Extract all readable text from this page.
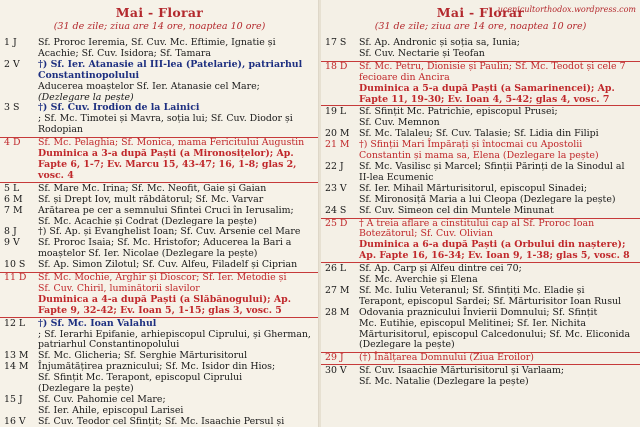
Mai - Florar
(31 de zile; ziua are 14 ore, noaptea 10 ore)
1 J	Sf. Proroc Ieremia, Sf. Cuv. Mc. Eftimie, Ignatie și
Acachie; Sf. Cuv. Isidora; Sf. Tamara
2 V	†) Sf. Ier. Atanasie al III-lea (Patelarie), patriarhul Constantinopolului
Aducerea moaștelor Sf. Ier. Atanasie cel Mare;
(Dezlegare la pește)
3 S	†) Sf. Cuv. Irodion de la Lainici
; Sf. Mc. Timotei și Mavra, soția lui; Sf. Cuv. Diodor și Rodopian
4 D	Sf. Mc. Pelaghia; Sf. Monica, mama Fericitului Augustin
Duminica a 3-a după Paști (a Mironosițelor); Ap. Fapte 6, 1-7; Ev. Marcu 15, 43-47; 16, 1-8; glas 2, vosc. 4
5 L	Sf. Mare Mc. Irina; Sf. Mc. Neofit, Gaie și Gaian
6 M	Sf. și Drept Iov, mult răbdătorul; Sf. Mc. Varvar
7 M	Arătarea pe cer a semnului Sfintei Cruci în Ierusalim;
Sf. Mc. Acachie și Codrat (Dezlegare la pește)
8 J	†) Sf. Ap. și Evanghelist Ioan; Sf. Cuv. Arsenie cel Mare
9 V	Sf. Proroc Isaia; Sf. Mc. Hristofor; Aducerea la Bari a
moaștelor Sf. Ier. Nicolae (Dezlegare la pește)
10 S	Sf. Ap. Simon Zilotul; Sf. Cuv. Alfeu, Filadelf și Ciprian
11 D	Sf. Mc. Mochie, Arghir și Dioscor; Sf. Ier. Metodie și
Sf. Cuv. Chiril, luminătorii slavilor
Duminica a 4-a după Paști (a Slăbănogului); Ap. Fapte 9, 32-42; Ev. Ioan 5, 1-15; glas 3, vosc. 5
12 L	†) Sf. Mc. Ioan Valahul
; Sf. Ierarhi Epifanie, arhiepiscopul Ciprului, și Gherman, patriarhul Constantinopolului
13 M	Sf. Mc. Glicheria; Sf. Serghie Mărturisitorul
14 M	Înjumătățirea praznicului; Sf. Mc. Isidor din Hios;
Sf. Sfințit Mc. Terapont, episcopul Ciprului
(Dezlegare la pește)
15 J	Sf. Cuv. Pahomie cel Mare;
Sf. Ier. Ahile, episcopul Larisei
16 V	Sf. Cuv. Teodor cel Sfințit; Sf. Mc. Isaachie Persul și
Mai - Florar
(31 de zile; ziua are 14 ore, noaptea 10 ore)
ucenicultorthodox.wordpress.com
17 S	Sf. Ap. Andronic și soția sa, Iunia;
Sf. Cuv. Nectarie și Teofan
18 D	Sf. Mc. Petru, Dionisie și Paulin; Sf. Mc. Teodot și cele 7
fecioare din Ancira
Duminica a 5-a după Paști (a Samarinencei); Ap. Fapte 11, 19-30; Ev. Ioan 4, 5-42; glas 4, vosc. 7
19 L	Sf. Sfințit Mc. Patrichie, episcopul Prusei;
Sf. Cuv. Memnon
20 M	Sf. Mc. Talaleu; Sf. Cuv. Talasie; Sf. Lidia din Filipi
21 M	†) Sfinții Mari Împărați și întocmai cu Apostolii
Constantin și mama sa, Elena (Dezlegare la pește)
22 J	Sf. Mc. Vasilisc și Marcel; Sfinții Părinți de la Sinodul al
II-lea Ecumenic
23 V	Sf. Ier. Mihail Mărturisitorul, episcopul Sinadei;
Sf. Mironosiță Maria a lui Cleopa (Dezlegare la pește)
24 S	Sf. Cuv. Simeon cel din Muntele Minunat
25 D	† A treia aflare a cinstitului cap al Sf. Proroc Ioan
Botezătorul; Sf. Cuv. Olivian
Duminica a 6-a după Paști (a Orbului din naștere); Ap. Fapte 16, 16-34; Ev. Ioan 9, 1-38; glas 5, vosc. 8
26 L	Sf. Ap. Carp și Alfeu dintre cei 70;
Sf. Mc. Averchie și Elena
27 M	Sf. Mc. Iuliu Veteranul; Sf. Sfințiți Mc. Eladie și
Terapont, episcopul Sardei; Sf. Mărturisitor Ioan Rusul
28 M	Odovania praznicului Învierii Domnului; Sf. Sfințit
Mc. Eutihie, episcopul Melitinei; Sf. Ier. Nichita
Mărturisitorul, episcopul Calcedonului; Sf. Mc. Eliconida
(Dezlegare la pește)
29 J	(†) Înălțarea Domnului (Ziua Eroilor)
30 V	Sf. Cuv. Isaachie Mărturisitorul și Varlaam;
Sf. Mc. Natalie (Dezlegare la pește)
